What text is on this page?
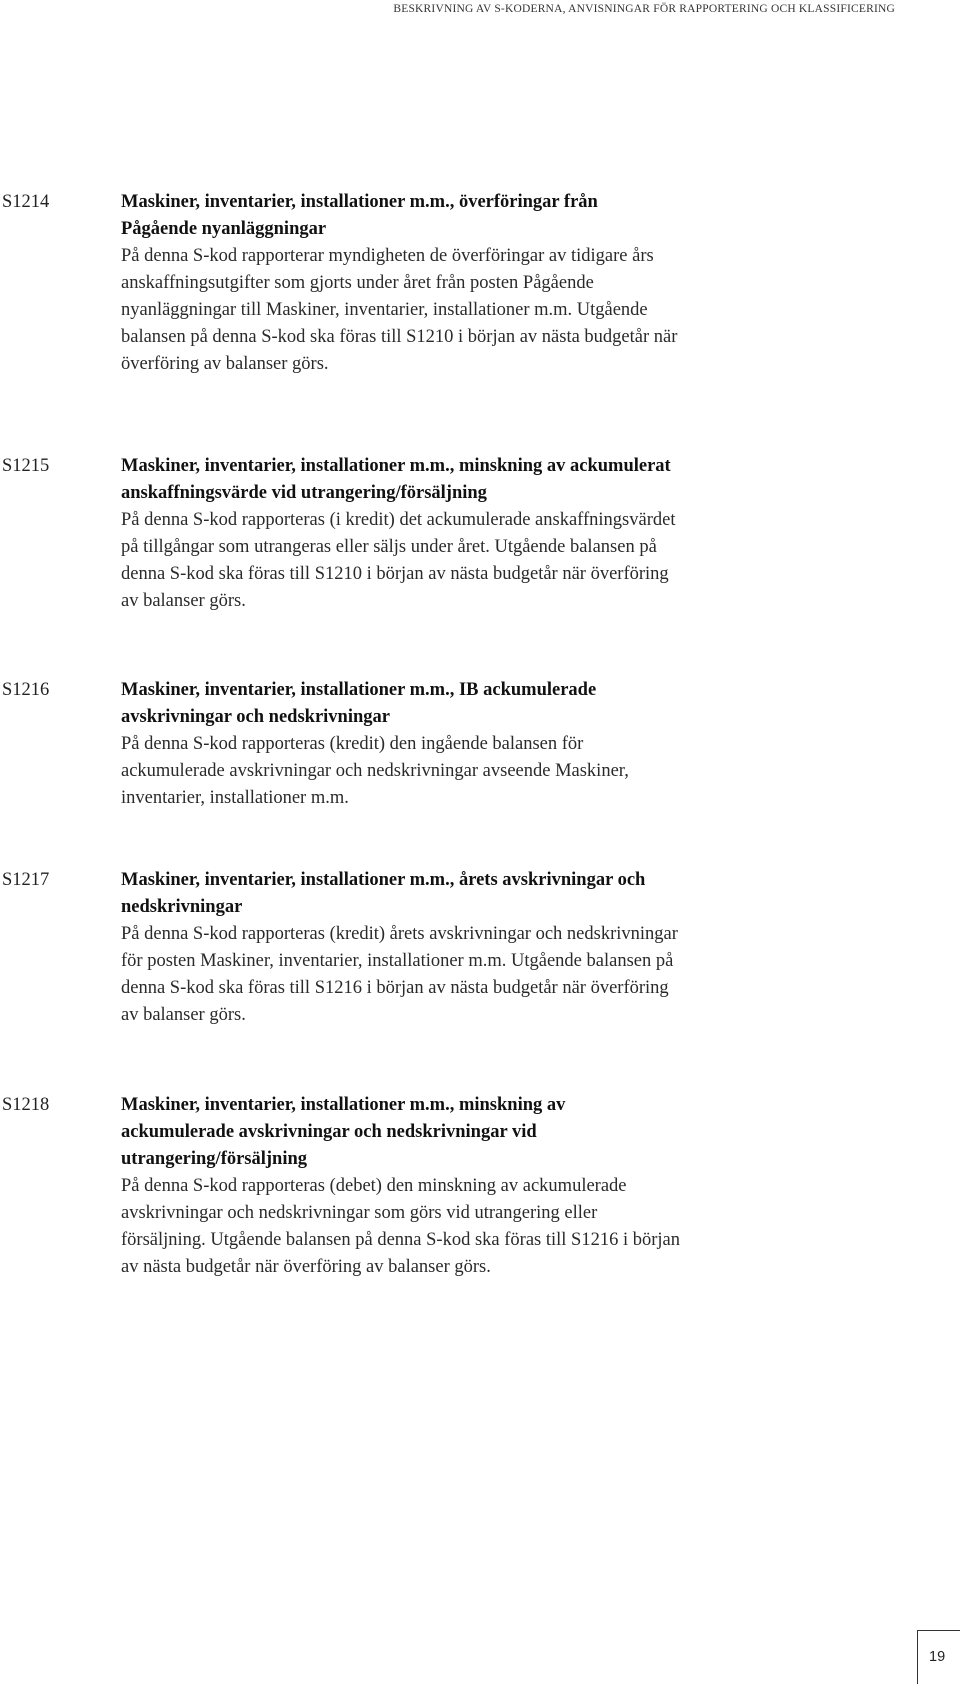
BESKRIVNING AV S-KODERNA, ANVISNINGAR FÖR RAPPORTERING OCH KLASSIFICERING
S1214	Maskiner, inventarier, installationer m.m., överföringar från
Pågående nyanläggningar
På denna S-kod rapporterar myndigheten de överföringar av tidigare års
anskaffningsutgifter som gjorts under året från posten Pågående
nyanläggningar till Maskiner, inventarier, installationer m.m. Utgående
balansen på denna S-kod ska föras till S1210 i början av nästa budgetår när
överföring av balanser görs.
S1215	Maskiner, inventarier, installationer m.m., minskning av ackumulerat
anskaffningsvärde vid utrangering/försäljning
På denna S-kod rapporteras (i kredit) det ackumulerade anskaffningsvärdet
på tillgångar som utrangeras eller säljs under året. Utgående balansen på
denna S-kod ska föras till S1210 i början av nästa budgetår när överföring
av balanser görs.
S1216	Maskiner, inventarier, installationer m.m., IB ackumulerade
avskrivningar och nedskrivningar
På denna S-kod rapporteras (kredit) den ingående balansen för
ackumulerade avskrivningar och nedskrivningar avseende Maskiner,
inventarier, installationer m.m.
S1217	Maskiner, inventarier, installationer m.m., årets avskrivningar och
nedskrivningar
På denna S-kod rapporteras (kredit) årets avskrivningar och nedskrivningar
för posten Maskiner, inventarier, installationer m.m. Utgående balansen på
denna S-kod ska föras till S1216 i början av nästa budgetår när överföring
av balanser görs.
S1218	Maskiner, inventarier, installationer m.m., minskning av
ackumulerade avskrivningar och nedskrivningar vid
utrangering/försäljning
På denna S-kod rapporteras (debet) den minskning av ackumulerade
avskrivningar och nedskrivningar som görs vid utrangering eller
försäljning. Utgående balansen på denna S-kod ska föras till S1216 i början
av nästa budgetår när överföring av balanser görs.
19
